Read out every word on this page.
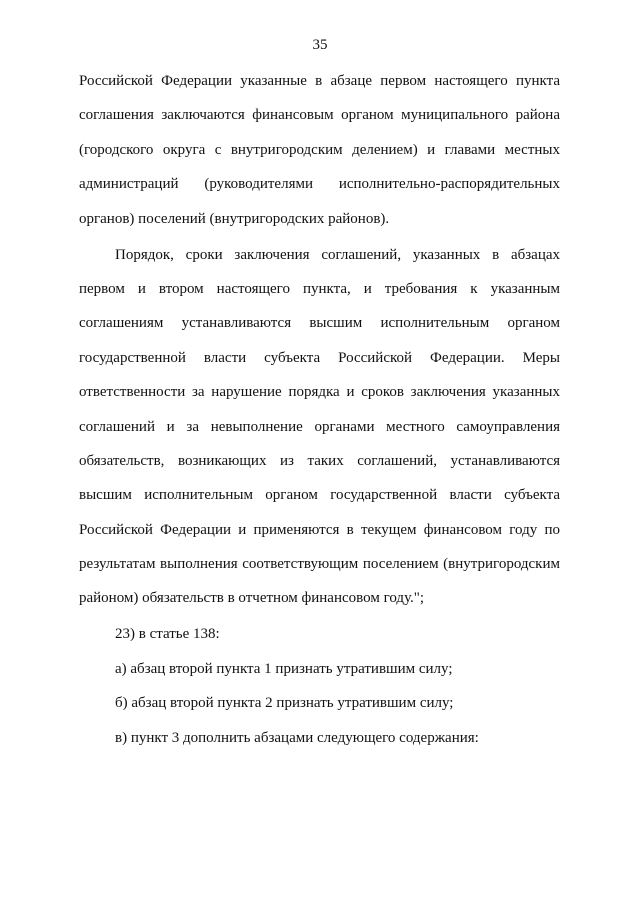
35
Российской Федерации указанные в абзаце первом настоящего пункта
соглашения заключаются финансовым органом муниципального района
(городского округа с внутригородским делением) и главами местных
администраций (руководителями исполнительно-распорядительных
органов) поселений (внутригородских районов).
Порядок, сроки заключения соглашений, указанных в абзацах
первом и втором настоящего пункта, и требования к указанным
соглашениям устанавливаются высшим исполнительным органом
государственной власти субъекта Российской Федерации. Меры
ответственности за нарушение порядка и сроков заключения указанных
соглашений и за невыполнение органами местного самоуправления
обязательств, возникающих из таких соглашений, устанавливаются
высшим исполнительным органом государственной власти субъекта
Российской Федерации и применяются в текущем финансовом году по
результатам выполнения соответствующим поселением (внутригородским
районом) обязательств в отчетном финансовом году.";
23) в статье 138:
а) абзац второй пункта 1 признать утратившим силу;
б) абзац второй пункта 2 признать утратившим силу;
в) пункт 3 дополнить абзацами следующего содержания:
